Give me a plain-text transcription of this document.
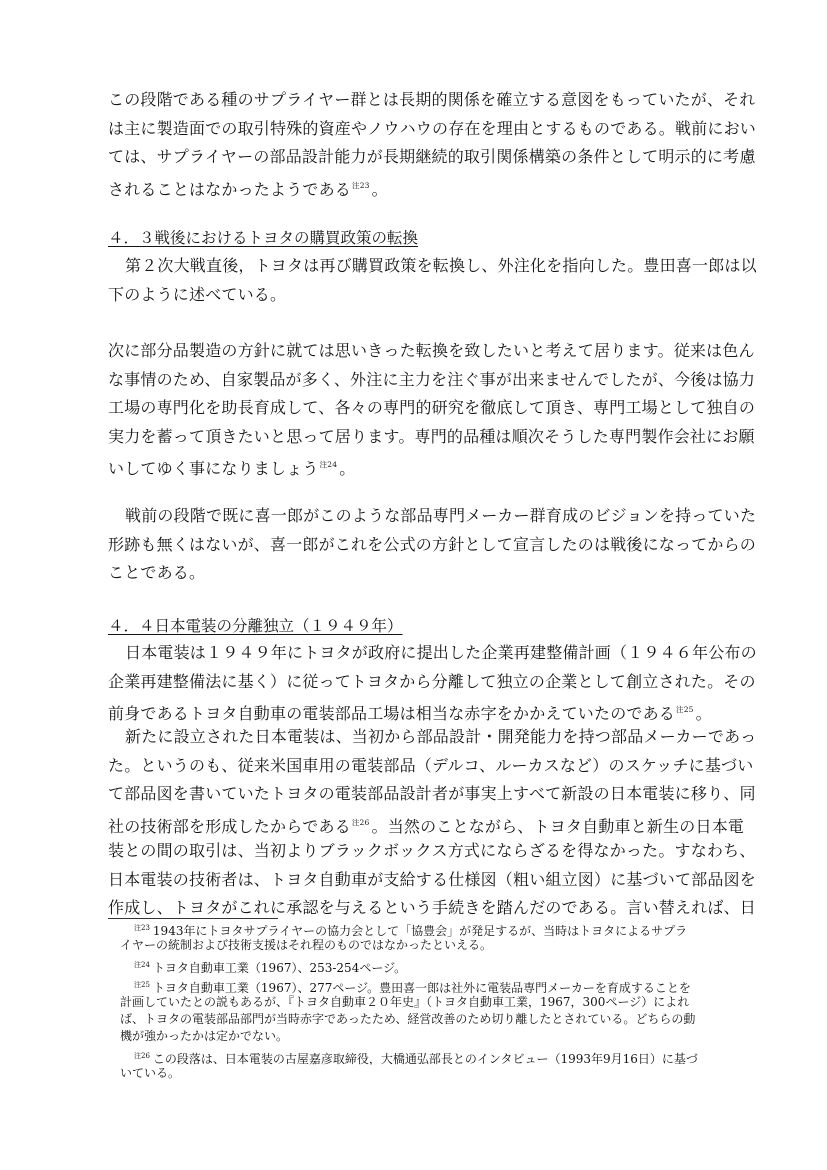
この段階である種のサプライヤー群とは長期的関係を確立する意図をもっていたが、それ
は主に製造面での取引特殊的資産やノウハウの存在を理由とするものである。戦前におい
ては、サプライヤーの部品設計能力が長期継続的取引関係構築の条件として明示的に考慮
されることはなかったようである$^{注23}$ 。
４．３戦後におけるトヨタの購買政策の転換
第２次大戦直後，トヨタは再び購買政策を転換し、外注化を指向した。豊田喜一郎は以
下のように述べている。
次に部分品製造の方針に就ては思いきった転換を致したいと考えて居ります。従来は色ん
な事情のため、自家製品が多く、外注に主力を注ぐ事が出来ませんでしたが、今後は協力
工場の専門化を助長育成して、各々の専門的研究を徹底して頂き、専門工場として独自の
実力を蓄って頂きたいと思って居ります。専門的品種は順次そうした専門製作会社にお願
いしてゆく事になりましょう$^{注24}$ 。
戦前の段階で既に喜一郎がこのような部品専門メーカー群育成のビジョンを持っていた
形跡も無くはないが、喜一郎がこれを公式の方針として宣言したのは戦後になってからの
ことである。
４．４日本電装の分離独立（１９４９年）
日本電装は１９４９年にトヨタが政府に提出した企業再建整備計画（１９４６年公布の
企業再建整備法に基く）に従ってトヨタから分離して独立の企業として創立された。その
前身であるトヨタ自動車の電装部品工場は相当な赤字をかかえていたのである$^{注25}$ 。
新たに設立された日本電装は、当初から部品設計・開発能力を持つ部品メーカーであっ
た。というのも、従来米国車用の電装部品（デルコ、ルーカスなど）のスケッチに基づい
て部品図を書いていたトヨタの電装部品設計者が事実上すべて新設の日本電装に移り、同
社の技術部を形成したからである$^{注26}$ 。当然のことながら、トヨタ自動車と新生の日本電
装との間の取引は、当初よりブラックボックス方式にならざるを得なかった。すなわち、
日本電装の技術者は、トヨタ自動車が支給する仕様図（粗い組立図）に基づいて部品図を
作成し、トヨタがこれに承認を与えるという手続きを踏んだのである。言い替えれば、日
$^{注23}$ 1943年にトヨタサプライヤーの協力会として「協豊会」が発足するが、当時はトヨタによるサプラ
イヤーの統制および技術支援はそれ程のものではなかったといえる。
$^{注24}$ トヨタ自動車工業（1967）、253-254ページ。
$^{注25}$ トヨタ自動車工業（1967）、277ページ。豊田喜一郎は社外に電装品専門メーカーを育成することを
計画していたとの説もあるが、『トヨタ自動車２０年史』（トヨタ自動車工業，1967，300ページ）によれ
ば、トヨタの電装部品部門が当時赤字であったため、経営改善のため切り離したとされている。どちらの動
機が強かったかは定かでない。
$^{注26}$ この段落は、日本電装の古屋嘉彦取締役，大橋通弘部長とのインタビュー（1993年9月16日）に基づ
いている。
